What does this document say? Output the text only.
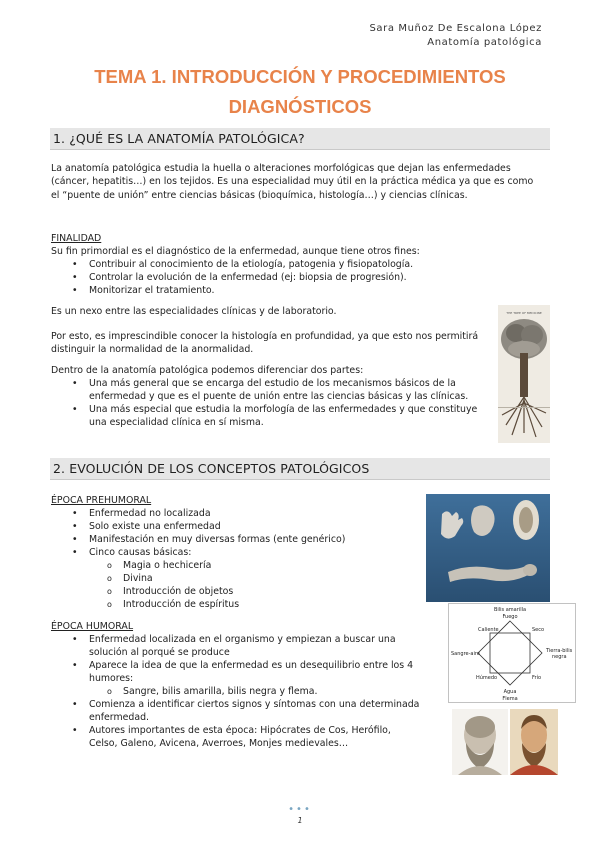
Sara Muñoz De Escalona López
Anatomía patológica
TEMA 1. INTRODUCCIÓN Y PROCEDIMIENTOS
DIAGNÓSTICOS
1. ¿QUÉ ES LA ANATOMÍA PATOLÓGICA?

La anatomía patológica estudia la huella o alteraciones morfológicas que dejan las enfermedades (cáncer, hepatitis…) en los tejidos. Es una especialidad muy útil en la práctica médica ya que es como el “puente de unión” entre ciencias básicas (bioquímica, histología…) y ciencias clínicas.

FINALIDAD

Su fin primordial es el diagnóstico de la enfermedad, aunque tiene otros fines:

• Contribuir al conocimiento de la etiología, patogenia y fisiopatología.
• Controlar la evolución de la enfermedad (ej: biopsia de progresión).
• Monitorizar el tratamiento.

Es un nexo entre las especialidades clínicas y de laboratorio.

Por esto, es imprescindible conocer la histología en profundidad, ya que esto nos permitirá distinguir la normalidad de la anormalidad.

Dentro de la anatomía patológica podemos diferenciar dos partes:

• Una más general que se encarga del estudio de los mecanismos básicos de la enfermedad y que es el puente de unión entre las ciencias básicas y las clínicas.
• Una más especial que estudia la morfología de las enfermedades y que constituye una especialidad clínica en sí misma.
THE TREE OF MEDICINE
2. EVOLUCIÓN DE LOS CONCEPTOS PATOLÓGICOS
ÉPOCA PREHUMORAL
• Enfermedad no localizada
• Solo existe una enfermedad
• Manifestación en muy diversas formas (ente genérico)
• Cinco causas básicas:
o Magia o hechicería
o Divina
o Introducción de objetos
o Introducción de espíritus
ÉPOCA HUMORAL
• Enfermedad localizada en el organismo y empiezan a buscar una solución al porqué se produce
• Aparece la idea de que la enfermedad es un desequilibrio entre los 4 humores:
o Sangre, bilis amarilla, bilis negra y flema.
• Comienza a identificar ciertos signos y síntomas con una determinada enfermedad.
• Autores importantes de esta época: Hipócrates de Cos, Herófilo, Celso, Galeno, Avicena, Averroes, Monjes medievales…
Bilis amarilla
Fuego
Agua
Flema
Sangre-aire	Tierra-bilis
negra
Caliente	Seco
Húmedo	Frío
•••
1
